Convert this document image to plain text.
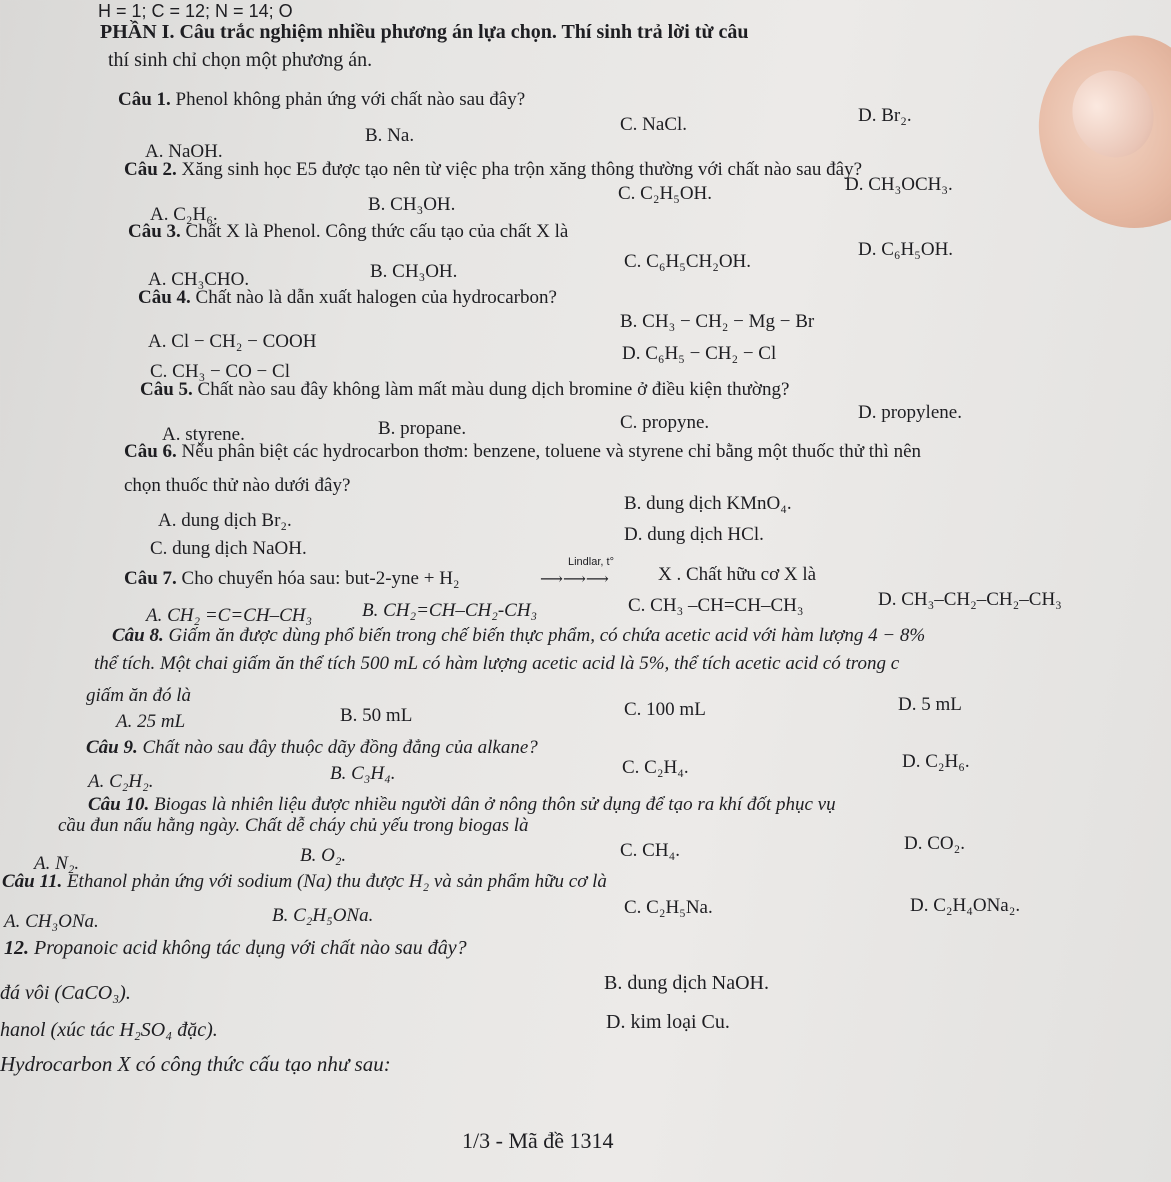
H = 1; C = 12; N = 14; O
PHẦN I. Câu trắc nghiệm nhiều phương án lựa chọn. Thí sinh trả lời từ câu
thí sinh chỉ chọn một phương án.
Câu 1. Phenol không phản ứng với chất nào sau đây?
A. NaOH.
B. Na.
C. NaCl.	D. Br₂.
Câu 2. Xăng sinh học E5 được tạo nên từ việc pha trộn xăng thông thường với chất nào sau đây?
A. C₂H₆.	B. CH₃OH.
C. C₂H₅OH.	D. CH₃OCH₃.
Câu 3. Chất X là Phenol. Công thức cấu tạo của chất X là
A. CH₃CHO.	B. CH₃OH.	C. C₆H₅CH₂OH.
D. C₆H₅OH.
Câu 4. Chất nào là dẫn xuất halogen của hydrocarbon?
A. Cl − CH₂ − COOH
B. CH₃ − CH₂ − Mg − Br
C. CH₃ − CO − Cl
D. C₆H₅ − CH₂ − Cl
Câu 5. Chất nào sau đây không làm mất màu dung dịch bromine ở điều kiện thường?
A. styrene.	B. propane.	C. propyne.	D. propylene.
Câu 6. Nếu phân biệt các hydrocarbon thơm: benzene, toluene và styrene chỉ bằng một thuốc thử thì nên
chọn thuốc thử nào dưới đây?
A. dung dịch Br₂.
B. dung dịch KMnO₄.
C. dung dịch NaOH.
D. dung dịch HCl.
Câu 7. Cho chuyển hóa sau: but-2-yne + H₂
Lindlar, t°
⟶⟶⟶	X . Chất hữu cơ X là
A. CH₂ =C=CH–CH₃	B. CH₂=CH–CH₂-CH₃	C. CH₃ –CH=CH–CH₃	D. CH₃–CH₂–CH₂–CH₃
Câu 8. Giấm ăn được dùng phổ biến trong chế biến thực phẩm, có chứa acetic acid với hàm lượng 4 − 8%
thể tích. Một chai giấm ăn thể tích 500 mL có hàm lượng acetic acid là 5%, thể tích acetic acid có trong c
giấm ăn đó là
A. 25 mL	B. 50 mL	C. 100 mL	D. 5 mL
Câu 9. Chất nào sau đây thuộc dãy đồng đẳng của alkane?
A. C₂H₂.	B. C₃H₄.	C. C₂H₄.	D. C₂H₆.
Câu 10. Biogas là nhiên liệu được nhiều người dân ở nông thôn sử dụng để tạo ra khí đốt phục vụ
cầu đun nấu hằng ngày. Chất dễ cháy chủ yếu trong biogas là
A. N₂.	B. O₂.	C. CH₄.	D. CO₂.
Câu 11. Ethanol phản ứng với sodium (Na) thu được H₂ và sản phẩm hữu cơ là
A. CH₃ONa.	B. C₂H₅ONa.	C. C₂H₅Na.	D. C₂H₄ONa₂.
12. Propanoic acid không tác dụng với chất nào sau đây?
đá vôi (CaCO₃).	B. dung dịch NaOH.
hanol (xúc tác H₂SO₄ đặc).	D. kim loại Cu.
Hydrocarbon X có công thức cấu tạo như sau:
1/3 - Mã đề 1314
